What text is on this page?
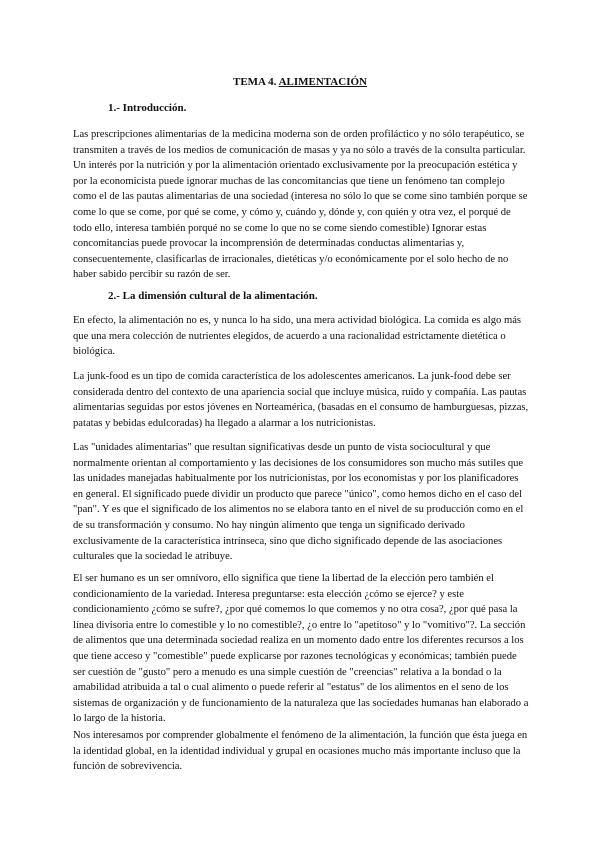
TEMA 4. ALIMENTACIÓN
1.- Introducción.

Las prescripciones alimentarias de la medicina moderna son de orden profiláctico y no sólo terapéutico, se transmiten a través de los medios de comunicación de masas y ya no sólo a través de la consulta particular. Un interés por la nutrición y por la alimentación orientado exclusivamente por la preocupación estética y por la economicista puede ignorar muchas de las concomitancias que tiene un fenómeno tan complejo como el de las pautas alimentarias de una sociedad (interesa no sólo lo que se come sino también porque se come lo que se come, por qué se come, y cómo y, cuándo y, dónde y, con quién y otra vez, el porqué de todo ello, interesa también porqué no se come lo que no se come siendo comestible) Ignorar estas concomitancias puede provocar la incomprensión de determinadas conductas alimentarias y, consecuentemente, clasificarlas de irracionales, dietéticas y/o económicamente por el solo hecho de no haber sabido percibir su razón de ser.

2.- La dimensión cultural de la alimentación.

En efecto, la alimentación no es, y nunca lo ha sido, una mera actividad biológica. La comida es algo más que una mera colección de nutrientes elegidos, de acuerdo a una racionalidad estrictamente dietética o biológica.

La junk-food es un tipo de comida característica de los adolescentes americanos. La junk-food debe ser considerada dentro del contexto de una apariencia social que incluye música, ruido y compañía. Las pautas alimentarias seguidas por estos jóvenes en Norteamérica, (basadas en el consumo de hamburguesas, pizzas, patatas y bebidas edulcoradas) ha llegado a alarmar a los nutricionistas.

Las "unidades alimentarias" que resultan significativas desde un punto de vista sociocultural y que normalmente orientan al comportamiento y las decisiones de los consumidores son mucho más sutiles que las unidades manejadas habitualmente por los nutricionistas, por los economistas y por los planificadores en general. El significado puede dividir un producto que parece "único", como hemos dicho en el caso del "pan". Y es que el significado de los alimentos no se elabora tanto en el nivel de su producción como en el de su transformación y consumo. No hay ningún alimento que tenga un significado derivado exclusivamente de la característica intrínseca, sino que dicho significado depende de las asociaciones culturales que la sociedad le atribuye.

El ser humano es un ser omnívoro, ello significa que tiene la libertad de la elección pero también el condicionamiento de la variedad. Interesa preguntarse: esta elección ¿cómo se ejerce? y este condicionamiento ¿cómo se sufre?, ¿por qué comemos lo que comemos y no otra cosa?, ¿por qué pasa la línea divisoria entre lo comestible y lo no comestible?, ¿o entre lo "apetitoso" y lo "vomitivo"?. La sección de alimentos que una determinada sociedad realiza en un momento dado entre los diferentes recursos a los que tiene acceso y "comestible" puede explicarse por razones tecnológicas y económicas; también puede ser cuestión de "gusto" pero a menudo es una simple cuestión de "creencias" relativa a la bondad o la amabilidad atribuida a tal o cual alimento o puede referir al "estatus" de los alimentos en el seno de los sistemas de organización y de funcionamiento de la naturaleza que las sociedades humanas han elaborado a lo largo de la historia.

Nos interesamos por comprender globalmente el fenómeno de la alimentación, la función que ésta juega en la identidad global, en la identidad individual y grupal en ocasiones mucho más importante incluso que la función de sobrevivencia.
